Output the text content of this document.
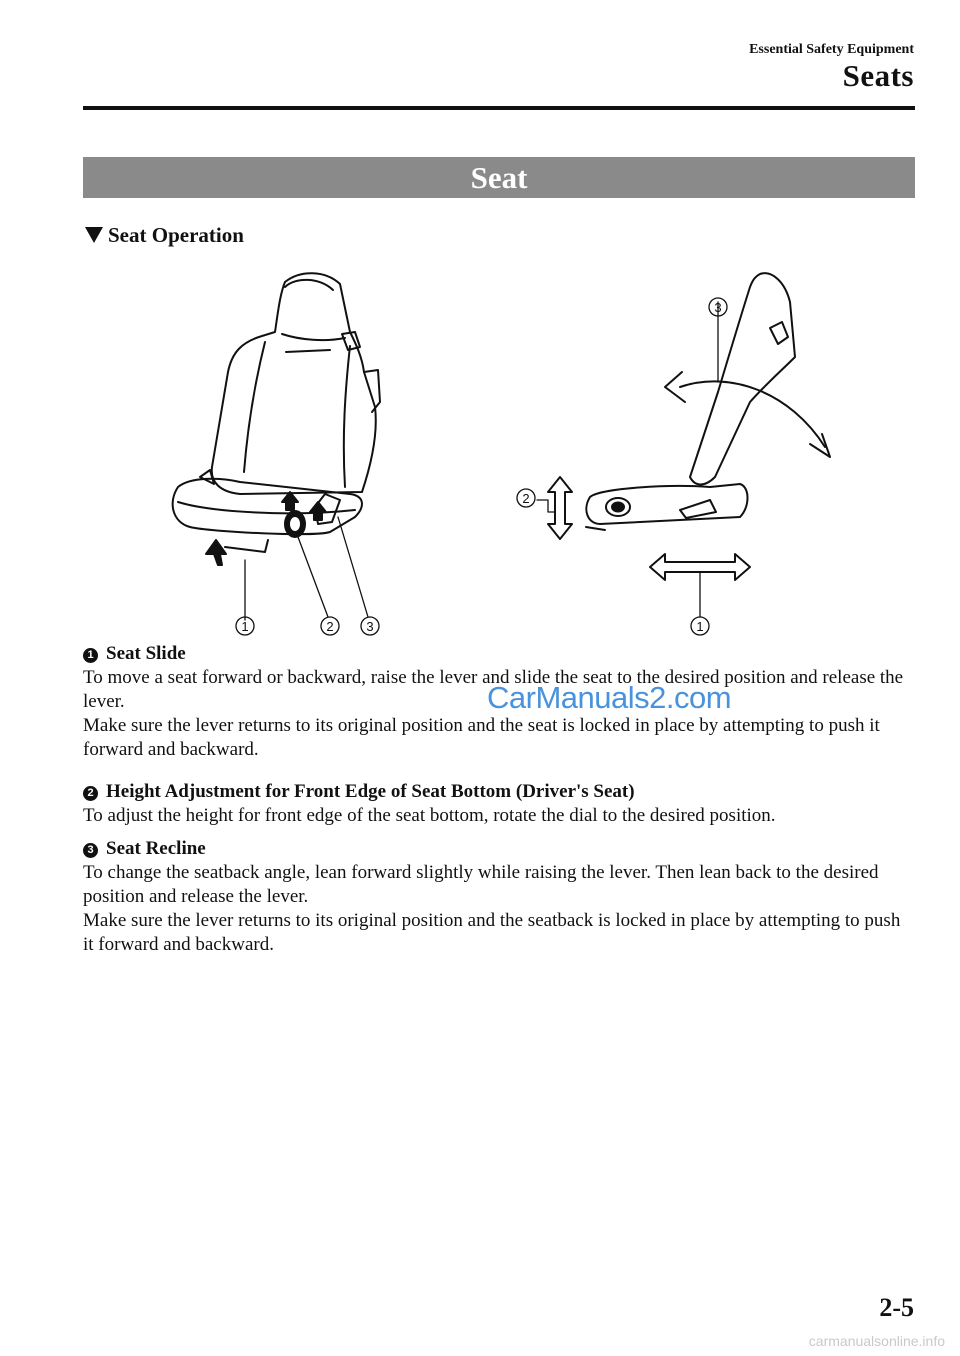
Essential Safety Equipment
Seats
Seat
Seat Operation
1	2	3	1
2
3
1 Seat Slide

To move a seat forward or backward, raise the lever and slide the seat to the desired position and release the lever.

Make sure the lever returns to its original position and the seat is locked in place by attempting to push it forward and backward.

2 Height Adjustment for Front Edge of Seat Bottom (Driver's Seat)

To adjust the height for front edge of the seat bottom, rotate the dial to the desired position.

3 Seat Recline

To change the seatback angle, lean forward slightly while raising the lever. Then lean back to the desired position and release the lever.

Make sure the lever returns to its original position and the seatback is locked in place by attempting to push it forward and backward.

CarManuals2.com
2-5
carmanualsonline.info
